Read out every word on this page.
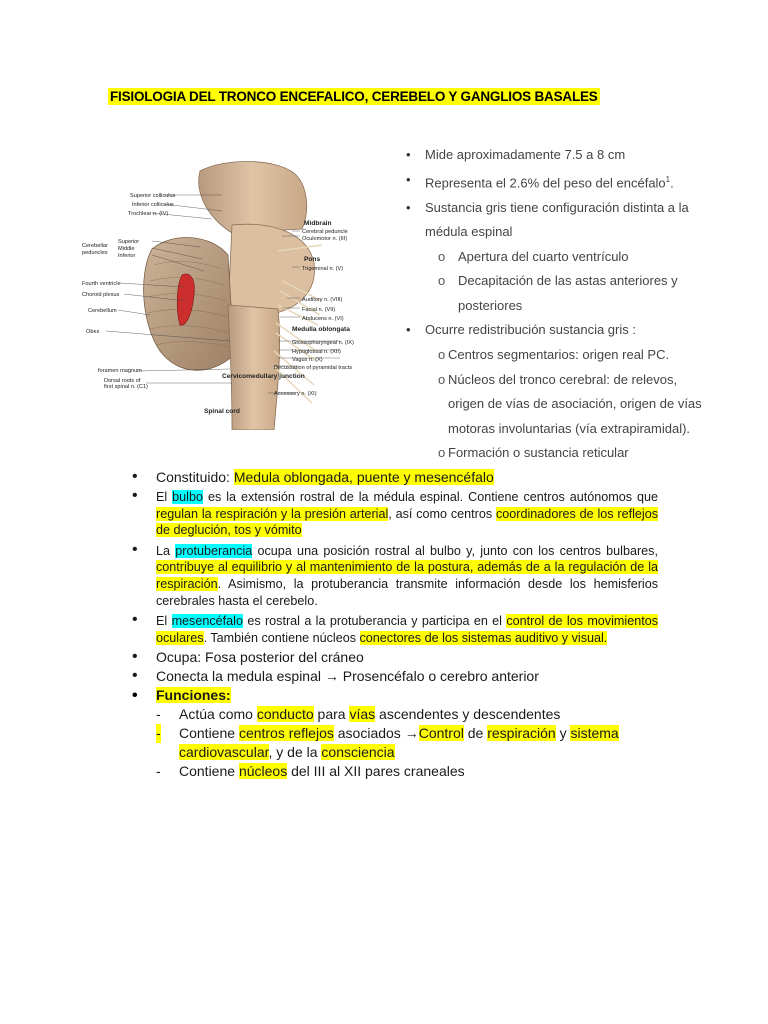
FISIOLOGIA DEL TRONCO ENCEFALICO, CEREBELO Y GANGLIOS BASALES
Superior colliculus
Inferior colliculus
Trochlear n. (IV)
Cerebellar
peduncles
Superior
Middle
Inferior
Fourth ventricle
Choroid plexus
Cerebellum
Obex
foramen magnum
Dorsal roots of
first spinal n. (C1)
Midbrain
Cerebral peduncle
Oculomotor n. (III)
Pons
Trigeminal n. (V)
Auditory n. (VIII)
Facial n. (VII)
Abducens n. (VI)
Medulla oblongata
Glossopharyngeal n. (IX)
Hypoglossal n. (XII)
Vagus n. (X)
Decussation of pyramidal tracts
Cervicomedullary junction
Accessory n. (XI)
Spinal cord
• Mide aproximadamente 7.5 a 8 cm
• Representa el 2.6% del peso del encéfalo$^1$.
• Sustancia gris tiene configuración distinta a la
médula espinal
o Apertura del cuarto ventrículo
o Decapitación de las astas anteriores y
posteriores
• Ocurre redistribución sustancia gris :
o Centros segmentarios: origen real PC.
o Núcleos del tronco cerebral: de relevos,
origen de vías de asociación, origen de vías
motoras involuntarias (vía extrapiramidal).
o Formación o sustancia reticular
• Constituido: Medula oblongada, puente y mesencéfalo
• El bulbo es la extensión rostral de la médula espinal. Contiene centros autónomos que regulan la respiración y la presión arterial, así como centros coordinadores de los reflejos de deglución, tos y vómito
• La protuberancia ocupa una posición rostral al bulbo y, junto con los centros bulbares, contribuye al equilibrio y al mantenimiento de la postura, además de a la regulación de la respiración. Asimismo, la protuberancia transmite información desde los hemisferios cerebrales hasta el cerebelo.
• El mesencéfalo es rostral a la protuberancia y participa en el control de los movimientos oculares. También contiene núcleos conectores de los sistemas auditivo y visual.
• Ocupa: Fosa posterior del cráneo
• Conecta la medula espinal → Prosencéfalo o cerebro anterior
• Funciones:
- Actúa como conducto para vías ascendentes y descendentes
- Contiene centros reflejos asociados →Control de respiración y sistema cardiovascular, y de la consciencia
- Contiene núcleos del III al XII pares craneales
